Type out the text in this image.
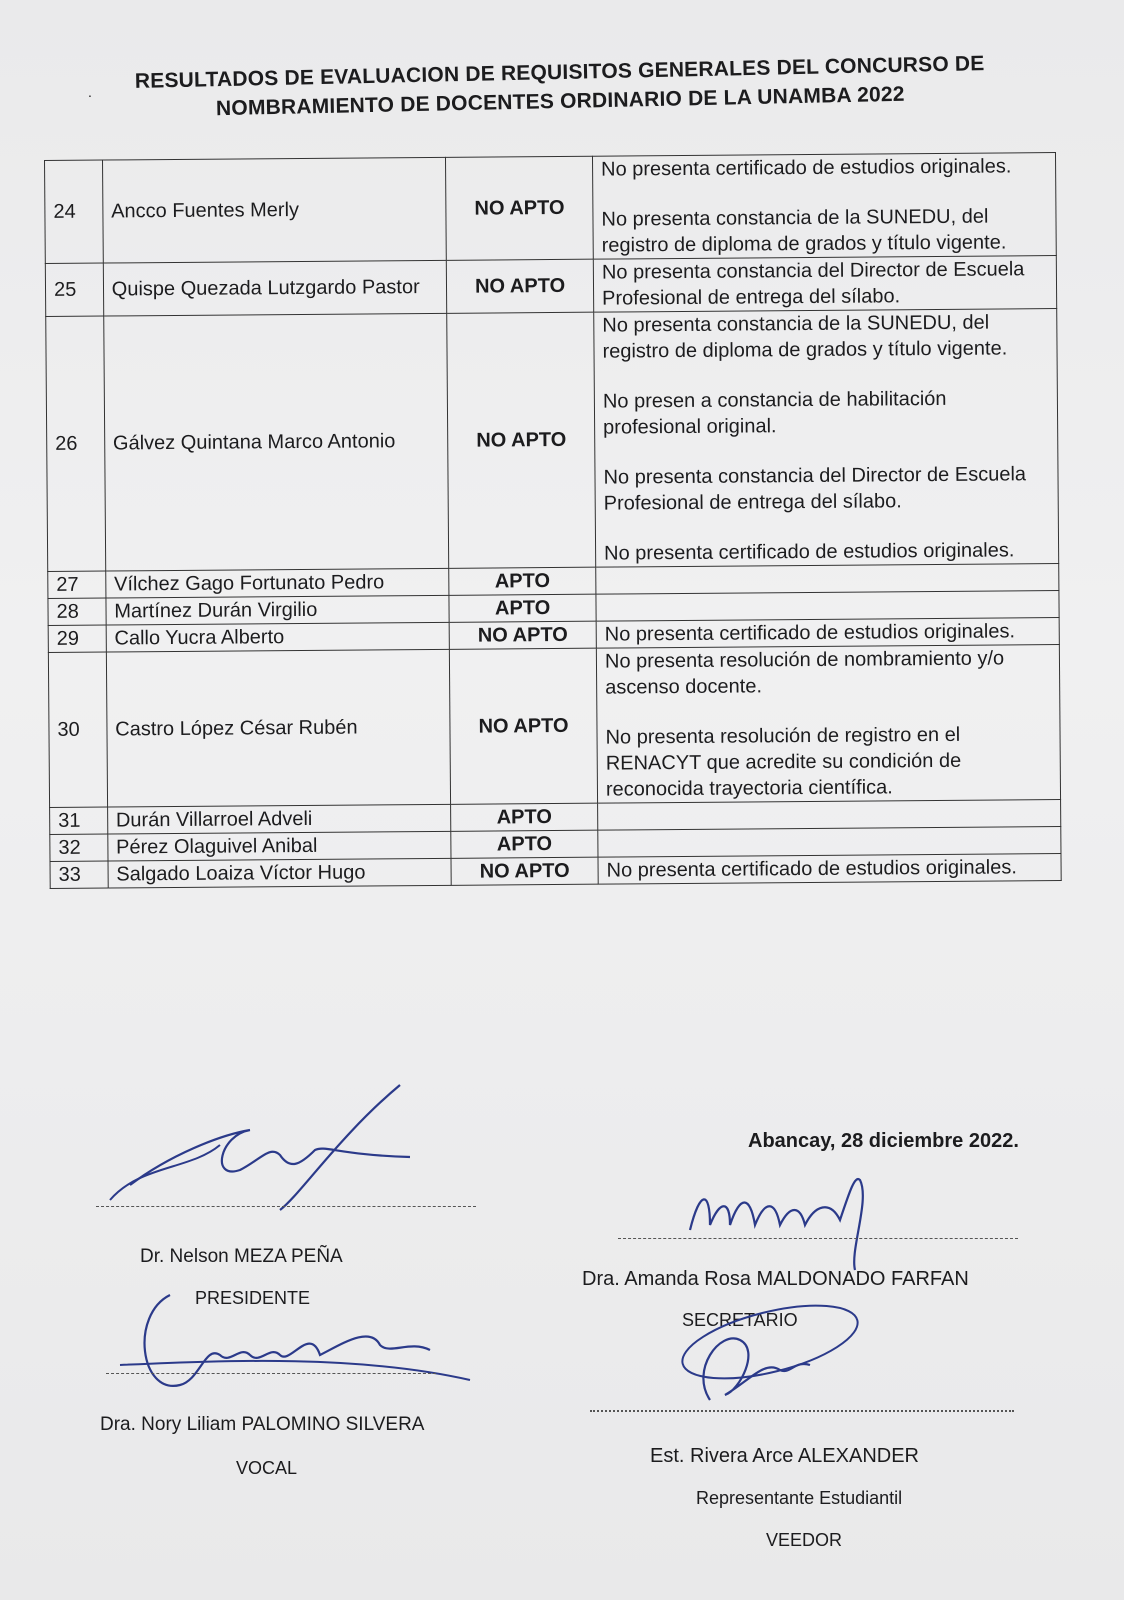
.	RESULTADOS DE EVALUACION DE REQUISITOS GENERALES DEL CONCURSO DE
NOMBRAMIENTO DE DOCENTES ORDINARIO DE LA UNAMBA 2022
24	Ancco Fuentes Merly	NO APTO	No presenta certificado de estudios originales.

No presenta constancia de la SUNEDU, del registro de diploma de grados y título vigente.

25	Quispe Quezada Lutzgardo Pastor	NO APTO	No presenta constancia del Director de Escuela Profesional de entrega del sílabo.

26	Gálvez Quintana Marco Antonio	NO APTO	No presenta constancia de la SUNEDU, del registro de diploma de grados y título vigente.

No presen a constancia de habilitación profesional original.

No presenta constancia del Director de Escuela Profesional de entrega del sílabo.

No presenta certificado de estudios originales.

27	Vílchez Gago Fortunato Pedro	APTO	
28	Martínez Durán Virgilio	APTO	
29	Callo Yucra Alberto	NO APTO	No presenta certificado de estudios originales.

30	Castro López César Rubén	NO APTO	No presenta resolución de nombramiento y/o ascenso docente.

No presenta resolución de registro en el RENACYT que acredite su condición de reconocida trayectoria científica.

31	Durán Villarroel Adveli	APTO	
32	Pérez Olaguivel Anibal	APTO	
33	Salgado Loaiza Víctor Hugo	NO APTO	No presenta certificado de estudios originales.

Dr. Nelson MEZA PEÑA
PRESIDENTE
Dra. Nory Liliam PALOMINO SILVERA
VOCAL
Abancay, 28 diciembre 2022.
Dra. Amanda Rosa MALDONADO FARFAN
SECRETARIO
Est. Rivera Arce ALEXANDER
Representante Estudiantil
VEEDOR
